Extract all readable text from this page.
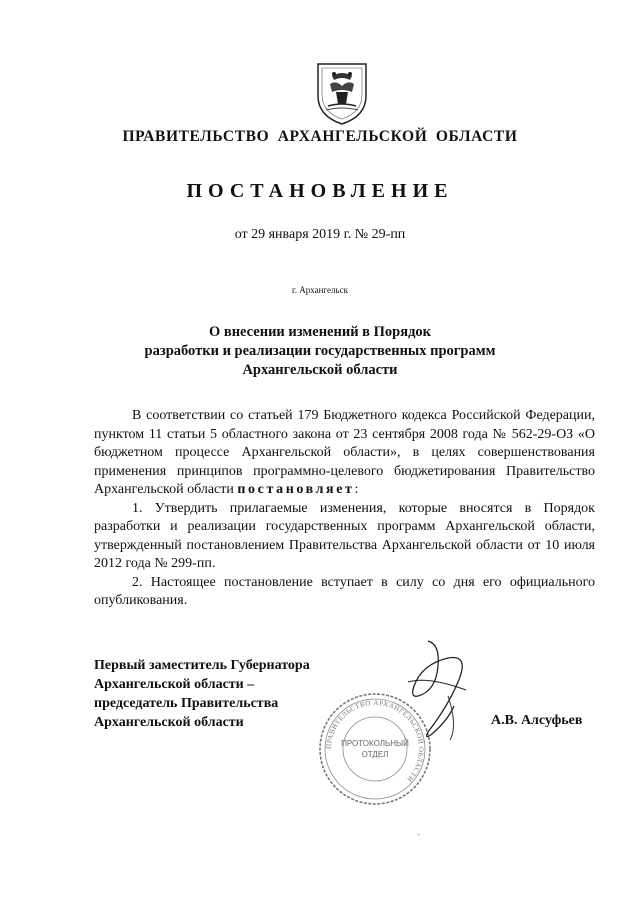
ПРАВИТЕЛЬСТВО АРХАНГЕЛЬСКОЙ ОБЛАСТИ
ПОСТАНОВЛЕНИЕ
от 29 января 2019 г. № 29-пп
г. Архангельск
О внесении изменений в Порядок
разработки и реализации государственных программ
Архангельской области

В соответствии со статьей 179 Бюджетного кодекса Российской Федерации, пунктом 11 статьи 5 областного закона от 23 сентября 2008 года № 562-29-ОЗ «О бюджетном процессе Архангельской области», в целях совершенствования применения принципов программно-целевого бюджетирования Правительство Архангельской области постановляет:

1. Утвердить прилагаемые изменения, которые вносятся в Порядок разработки и реализации государственных программ Архангельской области, утвержденный постановлением Правительства Архангельской области от 10 июля 2012 года № 299-пп.

2. Настоящее постановление вступает в силу со дня его официального опубликования.

Первый заместитель Губернатора
Архангельской области –
председатель Правительства
Архангельской области	А.В. Алсуфьев
ПРАВИТЕЛЬСТВО АРХАНГЕЛЬСКОЙ ОБЛАСТИ
ПРОТОКОЛЬНЫЙ
ОТДЕЛ
-
